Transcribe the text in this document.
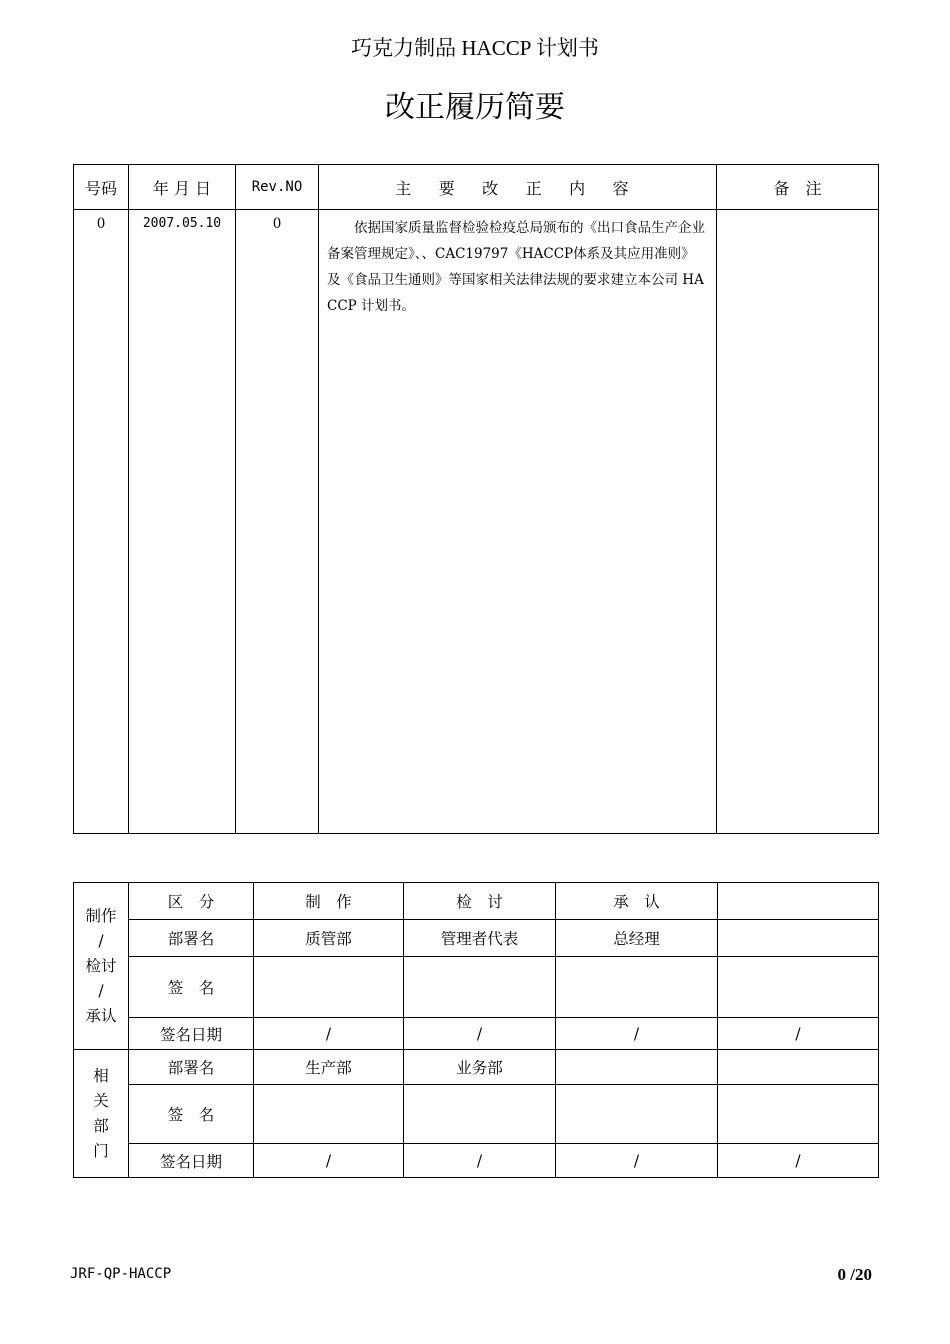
巧克力制品 HACCP 计划书
改正履历简要
号码	年 月 日	Rev.NO	主 要 改 正 内 容	备　注

0	2007.05.10	0	依据国家质量监督检验检疫总局颁布的《出口食品生产企业备案管理规定》、、CAC19797《HACCP体系及其应用准则》及《食品卫生通则》等国家相关法律法规的要求建立本公司 HACCP 计划书。	

制作
/
检讨
/
承认	区　分	制　作	检　讨	承　认	
	部署名	质管部	管理者代表	总经理	
	签　名				
	签名日期	/	/	/	/

相
关
部
门	部署名	生产部	业务部		
	签　名				
	签名日期	/	/	/	/
JRF-QP-HACCP	0 /20
